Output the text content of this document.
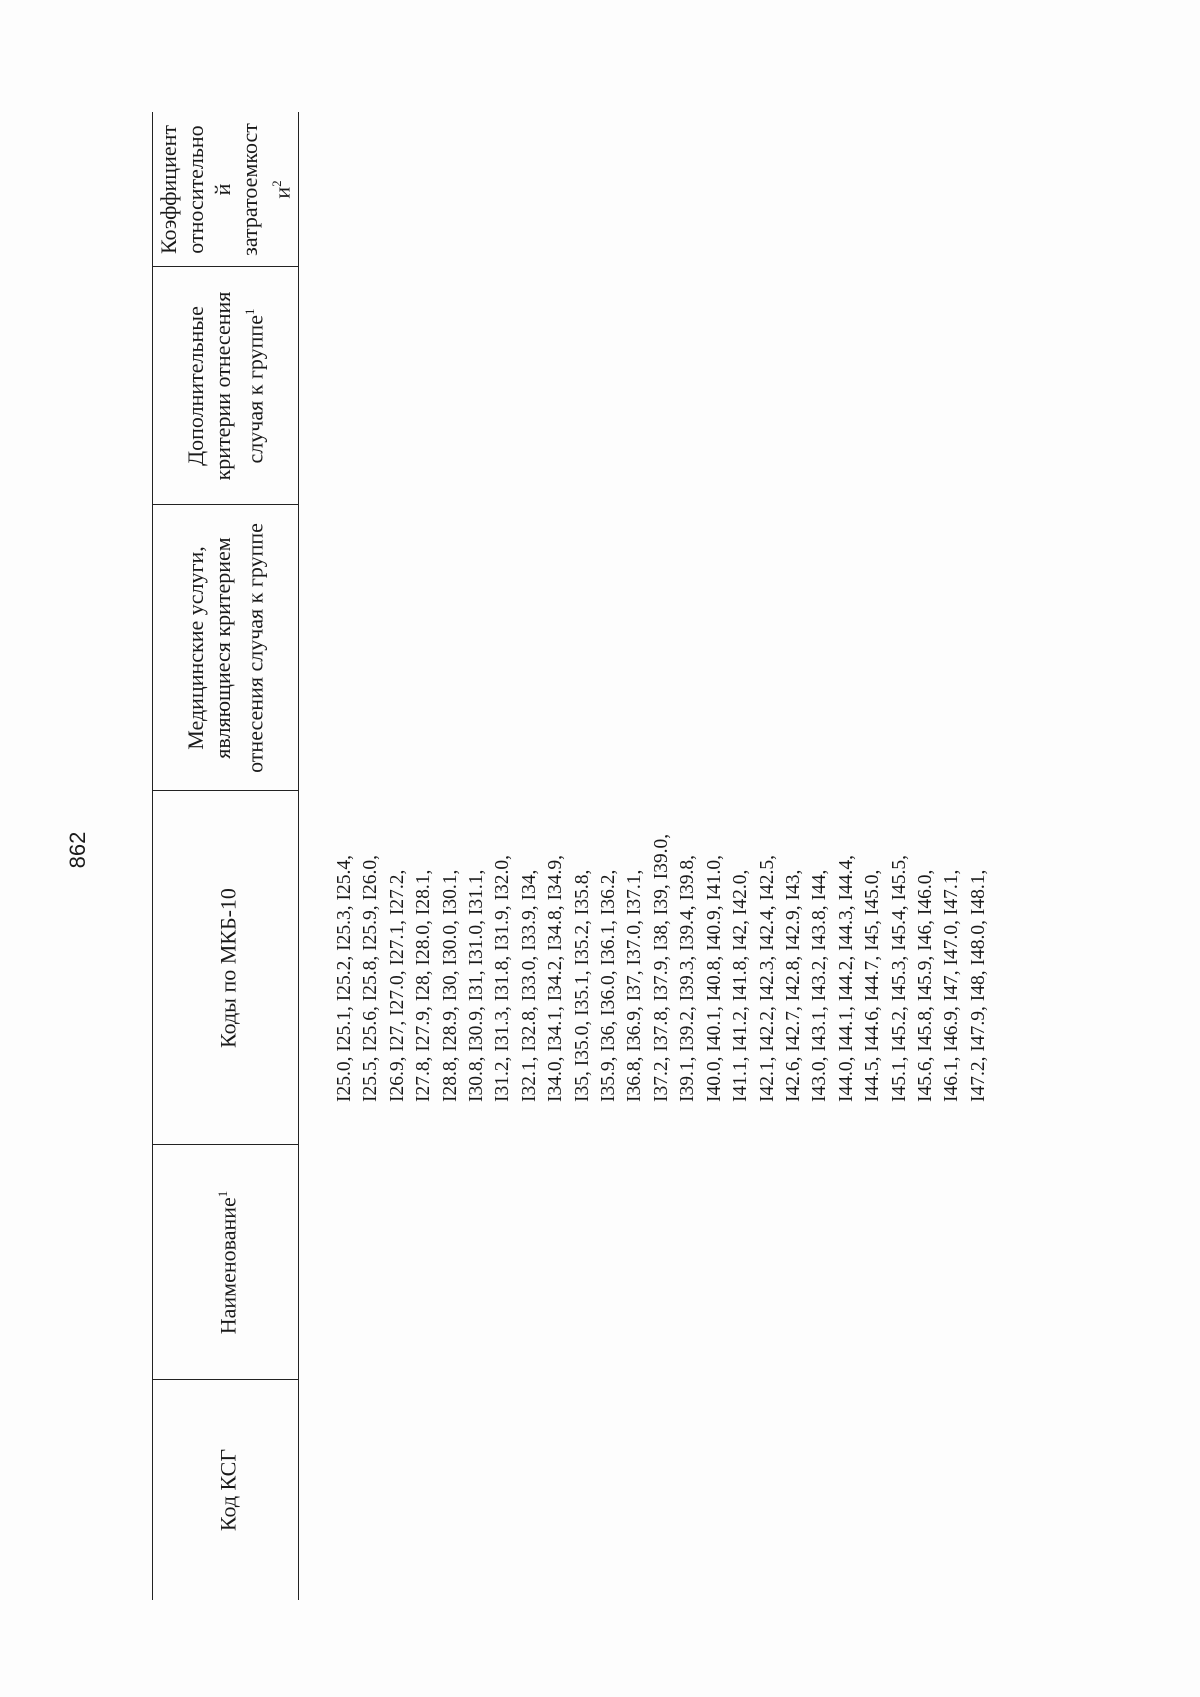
862
Код КСГ
Наименование$^1$
Коды по МКБ-10
Медицинские услуги, являющиеся критерием отнесения случая к группе
Дополнительные критерии отнесения случая к группе$^1$
Коэффициент относительно й затратоемкост $и^2$
I25.0, I25.1, I25.2, I25.3, I25.4, I25.5, I25.6, I25.8, I25.9, I26.0, I26.9, I27, I27.0, I27.1, I27.2, I27.8, I27.9, I28, I28.0, I28.1, I28.8, I28.9, I30, I30.0, I30.1, I30.8, I30.9, I31, I31.0, I31.1, I31.2, I31.3, I31.8, I31.9, I32.0, I32.1, I32.8, I33.0, I33.9, I34, I34.0, I34.1, I34.2, I34.8, I34.9, I35, I35.0, I35.1, I35.2, I35.8, I35.9, I36, I36.0, I36.1, I36.2, I36.8, I36.9, I37, I37.0, I37.1, I37.2, I37.8, I37.9, I38, I39, I39.0, I39.1, I39.2, I39.3, I39.4, I39.8, I40.0, I40.1, I40.8, I40.9, I41.0, I41.1, I41.2, I41.8, I42, I42.0, I42.1, I42.2, I42.3, I42.4, I42.5, I42.6, I42.7, I42.8, I42.9, I43, I43.0, I43.1, I43.2, I43.8, I44, I44.0, I44.1, I44.2, I44.3, I44.4, I44.5, I44.6, I44.7, I45, I45.0, I45.1, I45.2, I45.3, I45.4, I45.5, I45.6, I45.8, I45.9, I46, I46.0, I46.1, I46.9, I47, I47.0, I47.1, I47.2, I47.9, I48, I48.0, I48.1,
